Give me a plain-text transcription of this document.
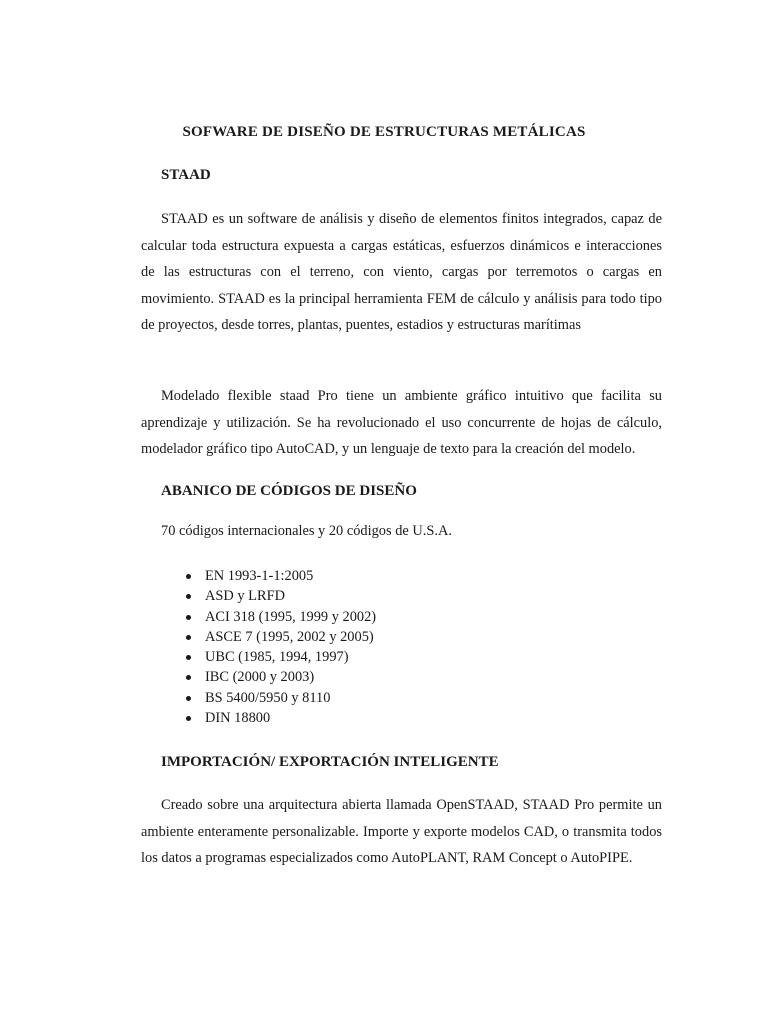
SOFWARE DE DISEÑO DE ESTRUCTURAS METÁLICAS
STAAD

STAAD es un software de análisis y diseño de elementos finitos integrados, capaz de calcular toda estructura expuesta a cargas estáticas, esfuerzos dinámicos e interacciones de las estructuras con el terreno, con viento, cargas por terremotos o cargas en movimiento. STAAD es la principal herramienta FEM de cálculo y análisis para todo tipo de proyectos, desde torres, plantas, puentes, estadios y estructuras marítimas

Modelado flexible staad Pro tiene un ambiente gráfico intuitivo que facilita su aprendizaje y utilización. Se ha revolucionado el uso concurrente de hojas de cálculo, modelador gráfico tipo AutoCAD, y un lenguaje de texto para la creación del modelo.

ABANICO DE CÓDIGOS DE DISEÑO

70 códigos internacionales y 20 códigos de U.S.A.

EN 1993-1-1:2005
ASD y LRFD
ACI 318 (1995, 1999 y 2002)
ASCE 7 (1995, 2002 y 2005)
UBC (1985, 1994, 1997)
IBC (2000 y 2003)
BS 5400/5950 y 8110
DIN 18800
IMPORTACIÓN/ EXPORTACIÓN INTELIGENTE

Creado sobre una arquitectura abierta llamada OpenSTAAD, STAAD Pro permite un ambiente enteramente personalizable. Importe y exporte modelos CAD, o transmita todos los datos a programas especializados como AutoPLANT, RAM Concept o AutoPIPE.
